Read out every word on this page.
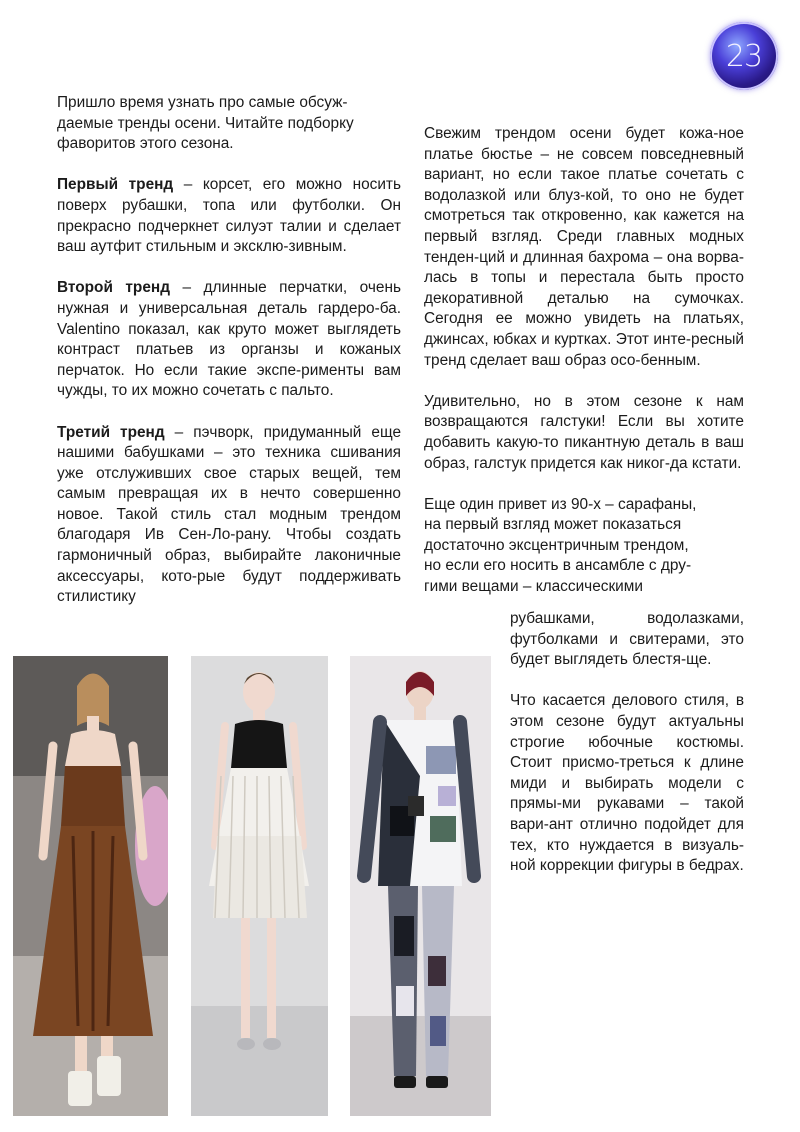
23

Пришло время узнать про самые обсуж-
даемые тренды осени. Читайте подборку
фаворитов этого сезона.

Первый тренд – корсет, его можно носить поверх рубашки, топа или футболки. Он прекрасно подчеркнет силуэт талии и сделает ваш аутфит стильным и эксклю-зивным.

Второй тренд – длинные перчатки, очень нужная и универсальная деталь гардеро-ба. Valentino показал, как круто может выглядеть контраст платьев из органзы и кожаных перчаток. Но если такие экспе-рименты вам чужды, то их можно сочетать с пальто.

Третий тренд – пэчворк, придуманный еще нашими бабушками – это техника сшивания уже отслуживших свое старых вещей, тем самым превращая их в нечто совершенно новое. Такой стиль стал модным трендом благодаря Ив Сен-Ло-рану. Чтобы создать гармоничный образ, выбирайте лаконичные аксессуары, кото-рые будут поддерживать стилистику

Свежим трендом осени будет кожа-ное платье бюстье – не совсем повседневный вариант, но если такое платье сочетать с водолазкой или блуз-кой, то оно не будет смотреться так откровенно, как кажется на первый взгляд. Среди главных модных тенден-ций и длинная бахрома – она ворва-лась в топы и перестала быть просто декоративной деталью на сумочках. Сегодня ее можно увидеть на платьях, джинсах, юбках и куртках. Этот инте-ресный тренд сделает ваш образ осо-бенным.

Удивительно, но в этом сезоне к нам возвращаются галстуки! Если вы хотите добавить какую-то пикантную деталь в ваш образ, галстук придется как никог-да кстати.

Еще один привет из 90-х – сарафаны,
на первый взгляд может показаться
достаточно эксцентричным трендом,
но если его носить в ансамбле с дру-
гими вещами – классическими

рубашками, водолазками, футболками и свитерами, это будет выглядеть блестя-ще.

Что касается делового стиля, в этом сезоне будут актуальны строгие юбочные костюмы. Стоит присмо-треться к длине миди и выбирать модели с прямы-ми рукавами – такой вари-ант отлично подойдет для тех, кто нуждается в визуаль-ной коррекции фигуры в бедрах.
